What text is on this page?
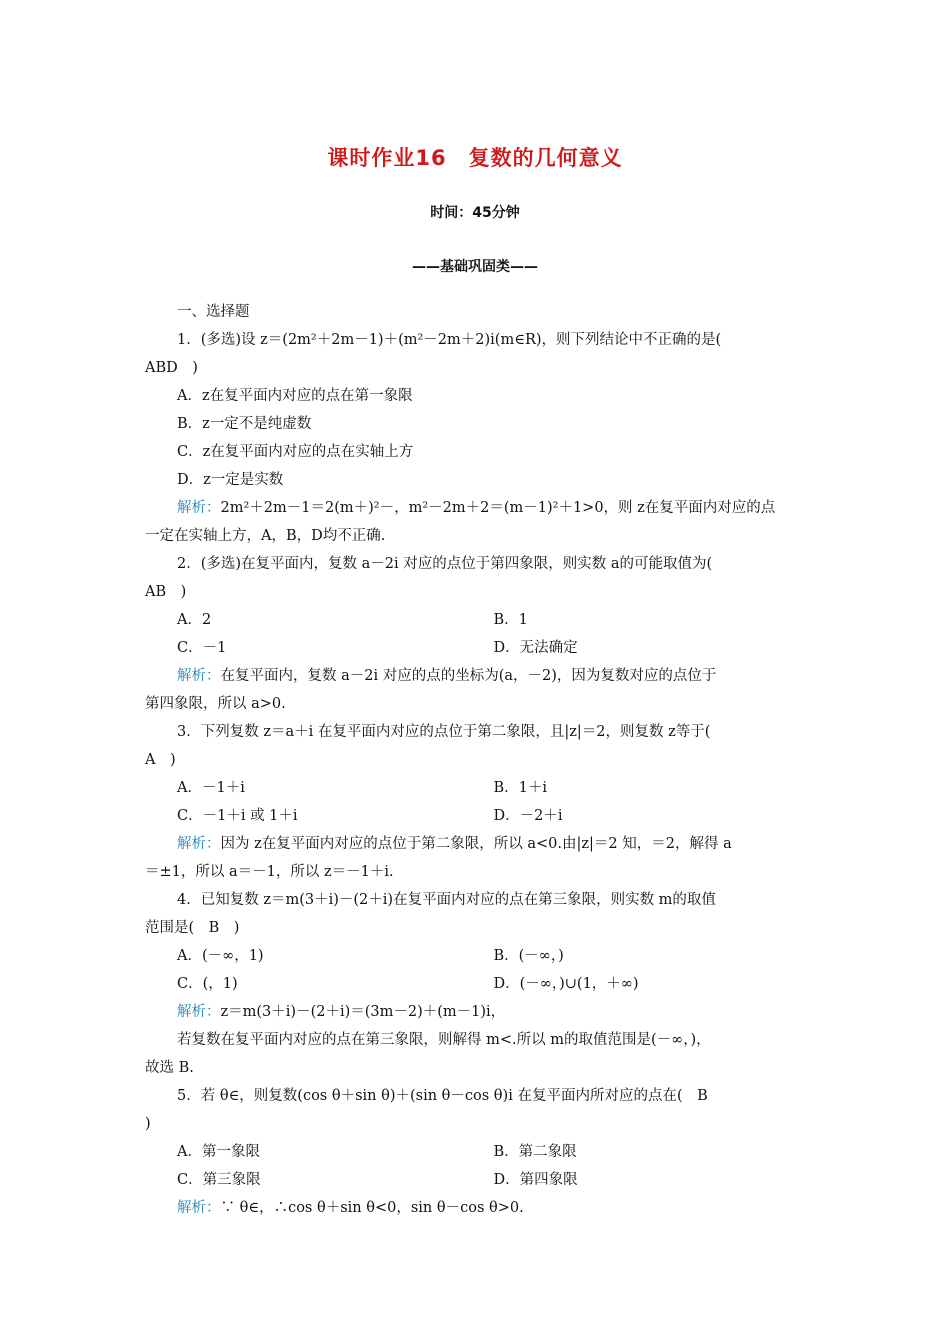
课时作业16　复数的几何意义
时间：45分钟
——基础巩固类——
一、选择题
1．(多选)设 z＝(2m²＋2m－1)＋(m²－2m＋2)i(m∈R)，则下列结论中不正确的是(
ABD　)
A．z在复平面内对应的点在第一象限
B．z一定不是纯虚数
C．z在复平面内对应的点在实轴上方
D．z一定是实数
解析：2m²＋2m－1＝2(m＋)²－，m²－2m＋2＝(m－1)²＋1>0，则 z在复平面内对应的点
一定在实轴上方，A，B，D均不正确.
2．(多选)在复平面内，复数 a－2i 对应的点位于第四象限，则实数 a的可能取值为(
AB　)
A．2	B．1
C．－1	D．无法确定
解析：在复平面内，复数 a－2i 对应的点的坐标为(a，－2)，因为复数对应的点位于
第四象限，所以 a>0.
3．下列复数 z＝a＋i 在复平面内对应的点位于第二象限，且|z|＝2，则复数 z等于(
A　)
A．－1＋i	B．1＋i
C．－1＋i 或 1＋i	D．－2＋i
解析：因为 z在复平面内对应的点位于第二象限，所以 a<0.由|z|＝2 知，＝2，解得 a
＝±1，所以 a＝－1，所以 z＝－1＋i.
4．已知复数 z＝m(3＋i)－(2＋i)在复平面内对应的点在第三象限，则实数 m的取值
范围是(　B　)
A．(－∞，1)	B．(－∞，)
C．(，1)	D．(－∞，)∪(1，＋∞)
解析：z＝m(3＋i)－(2＋i)＝(3m－2)＋(m－1)i，
若复数在复平面内对应的点在第三象限，则解得 m<.所以 m的取值范围是(－∞，)，
故选 B.
5．若 θ∈，则复数(cos θ＋sin θ)＋(sin θ－cos θ)i 在复平面内所对应的点在(　B
)
A．第一象限	B．第二象限
C．第三象限	D．第四象限
解析：∵ θ∈，∴cos θ＋sin θ<0，sin θ－cos θ>0.
